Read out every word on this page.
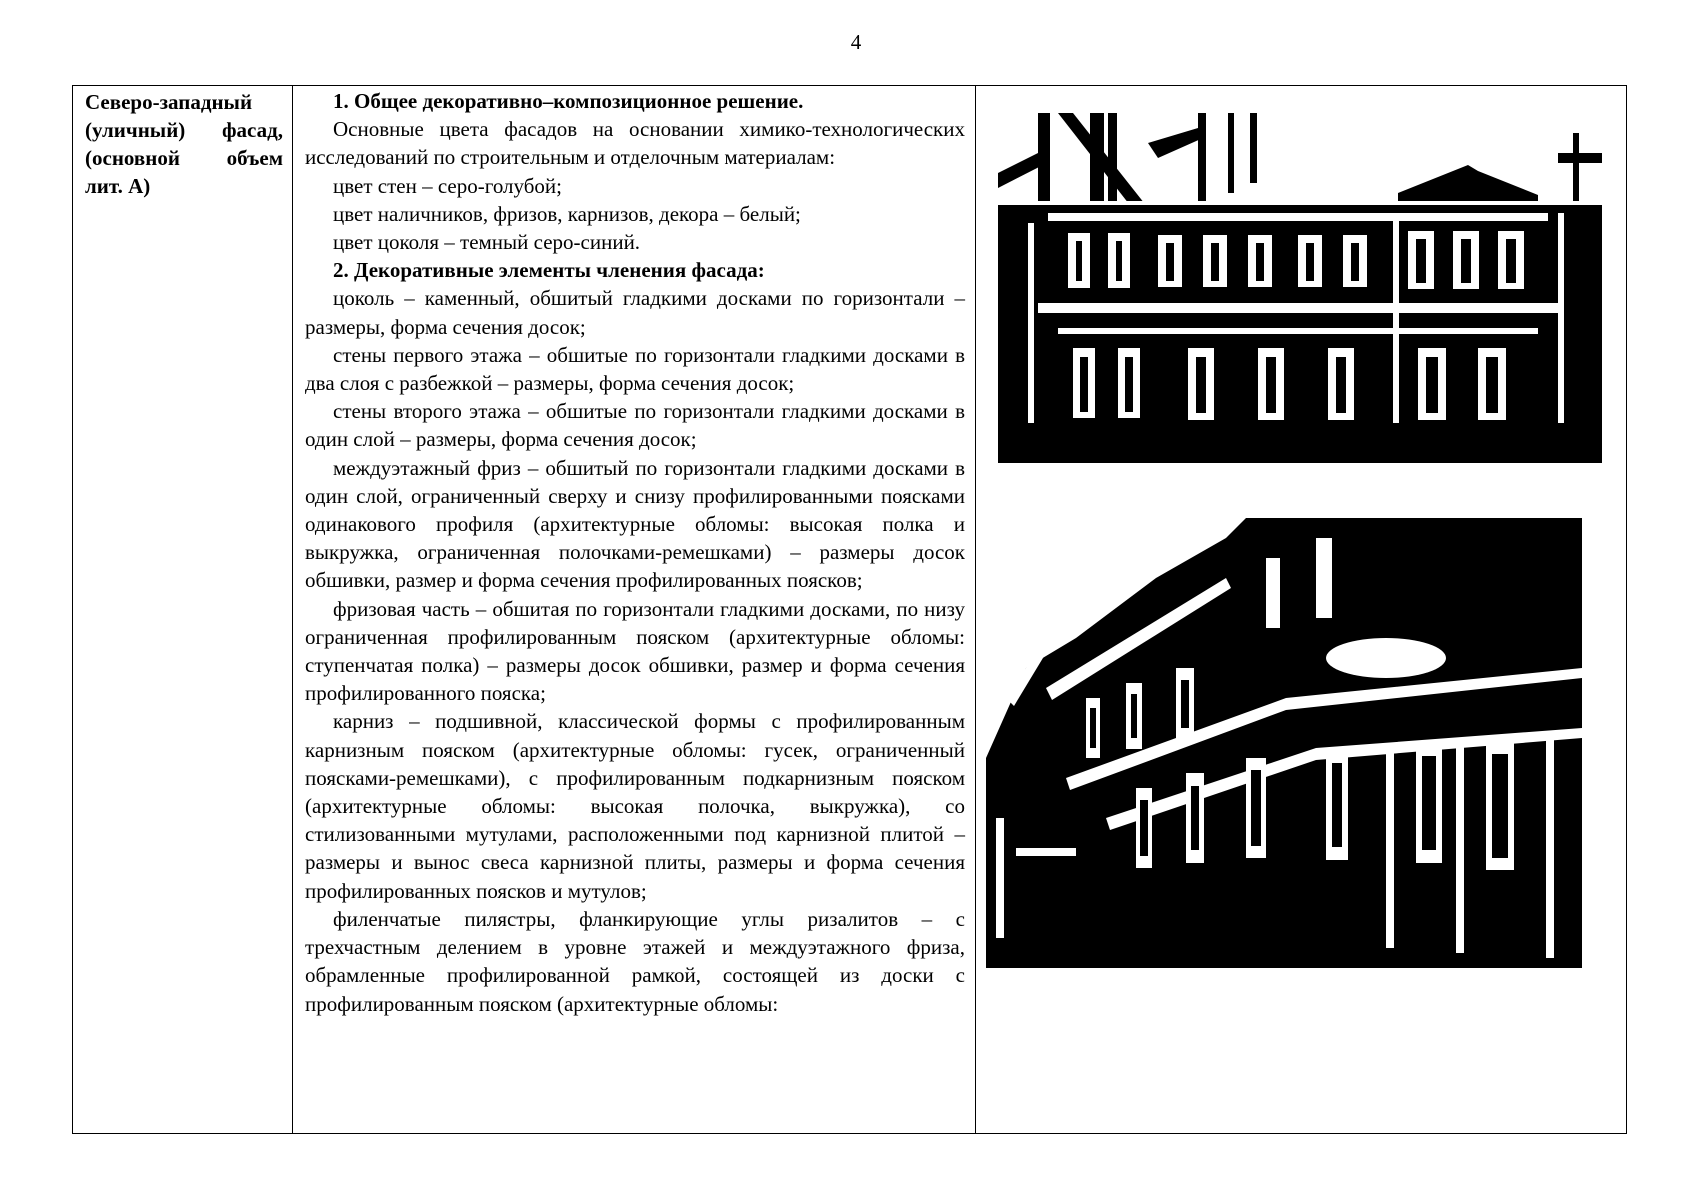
4
Северо-западный
(уличный) фасад,
(основной объем
лит. А)

1. Общее декоративно–композиционное решение.

Основные цвета фасадов на основании химико-технологических исследований по строительным и отделочным материалам:

цвет стен – серо-голубой;

цвет наличников, фризов, карнизов, декора – белый;

цвет цоколя – темный серо-синий.

2. Декоративные элементы членения фасада:

цоколь – каменный, обшитый гладкими досками по горизонтали – размеры, форма сечения досок;

стены первого этажа – обшитые по горизонтали гладкими досками в два слоя с разбежкой – размеры, форма сечения досок;

стены второго этажа – обшитые по горизонтали гладкими досками в один слой – размеры, форма сечения досок;

междуэтажный фриз – обшитый по горизонтали гладкими досками в один слой, ограниченный сверху и снизу профилированными поясками одинакового профиля (архитектурные обломы: высокая полка и выкружка, ограниченная полочками-ремешками) – размеры досок обшивки, размер и форма сечения профилированных поясков;

фризовая часть – обшитая по горизонтали гладкими досками, по низу ограниченная профилированным пояском (архитектурные обломы: ступенчатая полка) – размеры досок обшивки, размер и форма сечения профилированного пояска;

карниз – подшивной, классической формы с профилированным карнизным пояском (архитектурные обломы: гусек, ограниченный поясками-ремешками), с профилированным подкарнизным пояском (архитектурные обломы: высокая полочка, выкружка), со стилизованными мутулами, расположенными под карнизной плитой – размеры и вынос свеса карнизной плиты, размеры и форма сечения профилированных поясков и мутулов;

филенчатые пилястры, фланкирующие углы ризалитов – с трехчастным делением в уровне этажей и междуэтажного фриза, обрамленные профилированной рамкой, состоящей из доски с профилированным пояском (архитектурные обломы:
